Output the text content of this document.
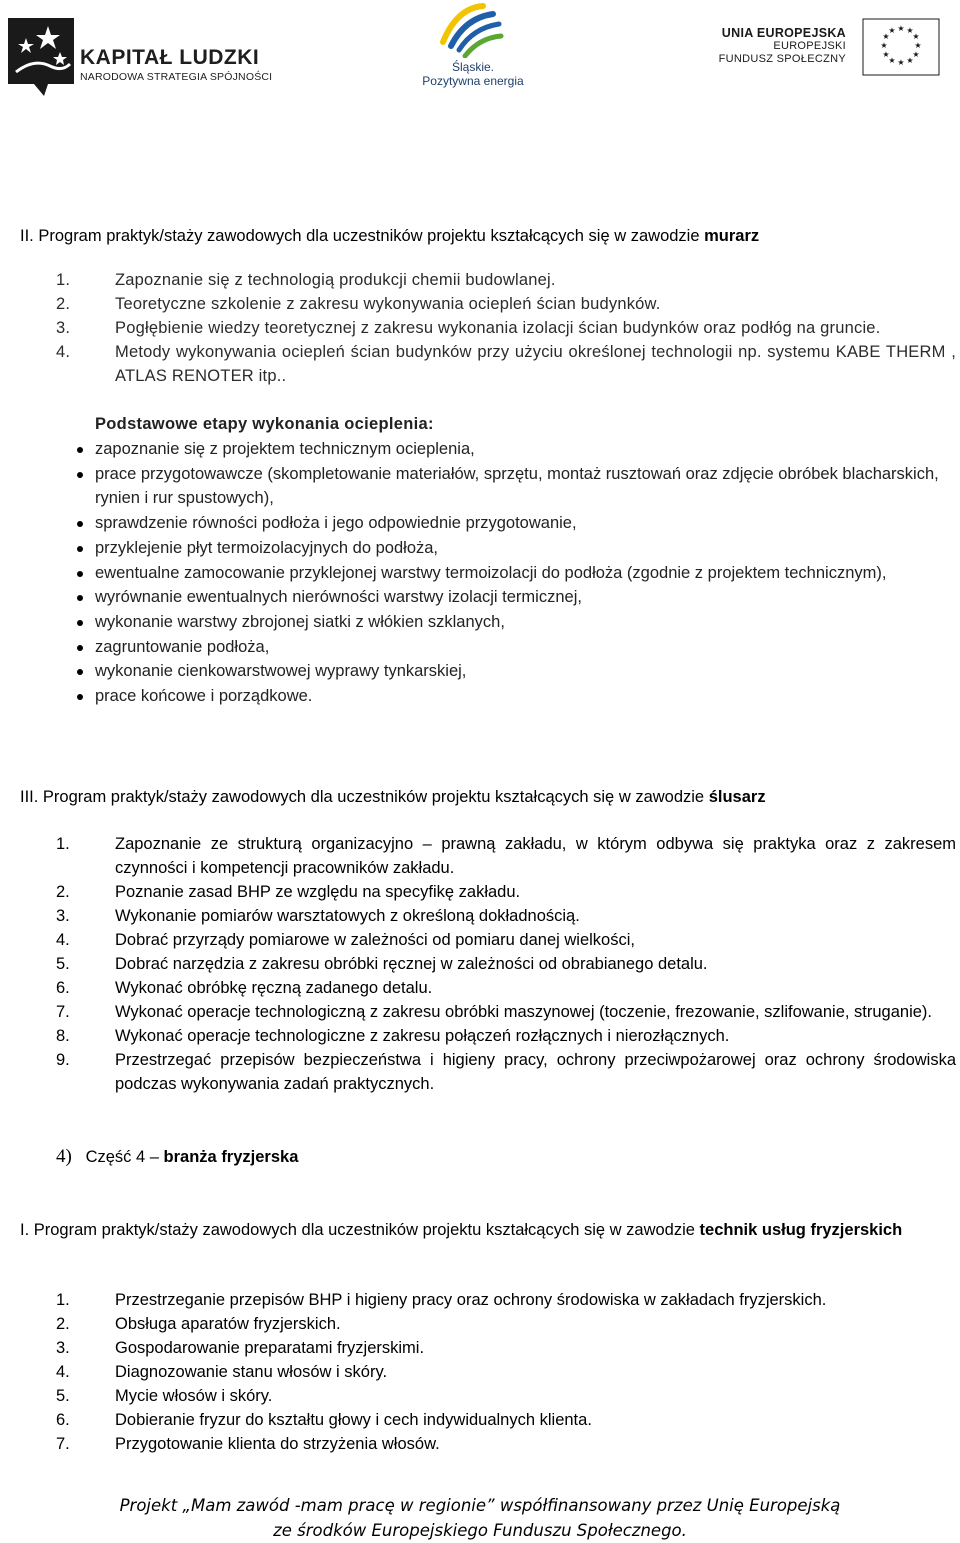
KAPITAŁ LUDZKI
NARODOWA STRATEGIA SPÓJNOŚCI
Śląskie.
Pozytywna energia
UNIA EUROPEJSKA
EUROPEJSKI
FUNDUSZ SPOŁECZNY
★ ★
★
★
★
★
★
★
★
★
★
★
II. Program praktyk/staży zawodowych dla uczestników projektu kształcących się w zawodzie murarz
1.	Zapoznanie się z technologią produkcji chemii budowlanej.
2.	Teoretyczne szkolenie z zakresu wykonywania ociepleń ścian budynków.
3.	Pogłębienie wiedzy teoretycznej z zakresu wykonania izolacji ścian budynków oraz podłóg na gruncie.
4.	Metody wykonywania ociepleń ścian budynków przy użyciu określonej technologii np. systemu KABE THERM , ATLAS RENOTER itp..
Podstawowe etapy wykonania ocieplenia:
zapoznanie się z projektem technicznym ocieplenia,
prace przygotowawcze (skompletowanie materiałów, sprzętu, montaż rusztowań oraz zdjęcie obróbek blacharskich, rynien i rur spustowych),
sprawdzenie równości podłoża i jego odpowiednie przygotowanie,
przyklejenie płyt termoizolacyjnych do podłoża,
ewentualne zamocowanie przyklejonej warstwy termoizolacji do podłoża (zgodnie z projektem technicznym),
wyrównanie ewentualnych nierówności warstwy izolacji termicznej,
wykonanie warstwy zbrojonej siatki z włókien szklanych,
zagruntowanie podłoża,
wykonanie cienkowarstwowej wyprawy tynkarskiej,
prace końcowe i porządkowe.
III. Program praktyk/staży zawodowych dla uczestników projektu kształcących się w zawodzie ślusarz
1.	Zapoznanie ze strukturą organizacyjno – prawną zakładu, w którym odbywa się praktyka oraz z zakresem czynności i kompetencji pracowników zakładu.
2.	Poznanie zasad BHP ze względu na specyfikę zakładu.
3.	Wykonanie pomiarów warsztatowych z określoną dokładnością.
4.	Dobrać przyrządy pomiarowe w zależności od pomiaru danej wielkości,
5.	Dobrać narzędzia z zakresu obróbki ręcznej w zależności od obrabianego detalu.
6.	Wykonać obróbkę ręczną zadanego detalu.
7.	Wykonać operacje technologiczną z zakresu obróbki maszynowej (toczenie, frezowanie, szlifowanie, struganie).
8.	Wykonać operacje technologiczne z zakresu połączeń rozłącznych i nierozłącznych.
9.	Przestrzegać przepisów bezpieczeństwa i higieny pracy, ochrony przeciwpożarowej oraz ochrony środowiska podczas wykonywania zadań praktycznych.
4) Część 4 – branża fryzjerska
I. Program praktyk/staży zawodowych dla uczestników projektu kształcących się w zawodzie technik usług fryzjerskich
1.	Przestrzeganie przepisów BHP i higieny pracy oraz ochrony środowiska w zakładach fryzjerskich.
2.	Obsługa aparatów fryzjerskich.
3.	Gospodarowanie preparatami fryzjerskimi.
4.	Diagnozowanie stanu włosów i skóry.
5.	Mycie włosów i skóry.
6.	Dobieranie fryzur do kształtu głowy i cech indywidualnych klienta.
7.	Przygotowanie klienta do strzyżenia włosów.
Projekt „Mam zawód -mam pracę w regionie” współfinansowany przez Unię Europejską
ze środków Europejskiego Funduszu Społecznego.
